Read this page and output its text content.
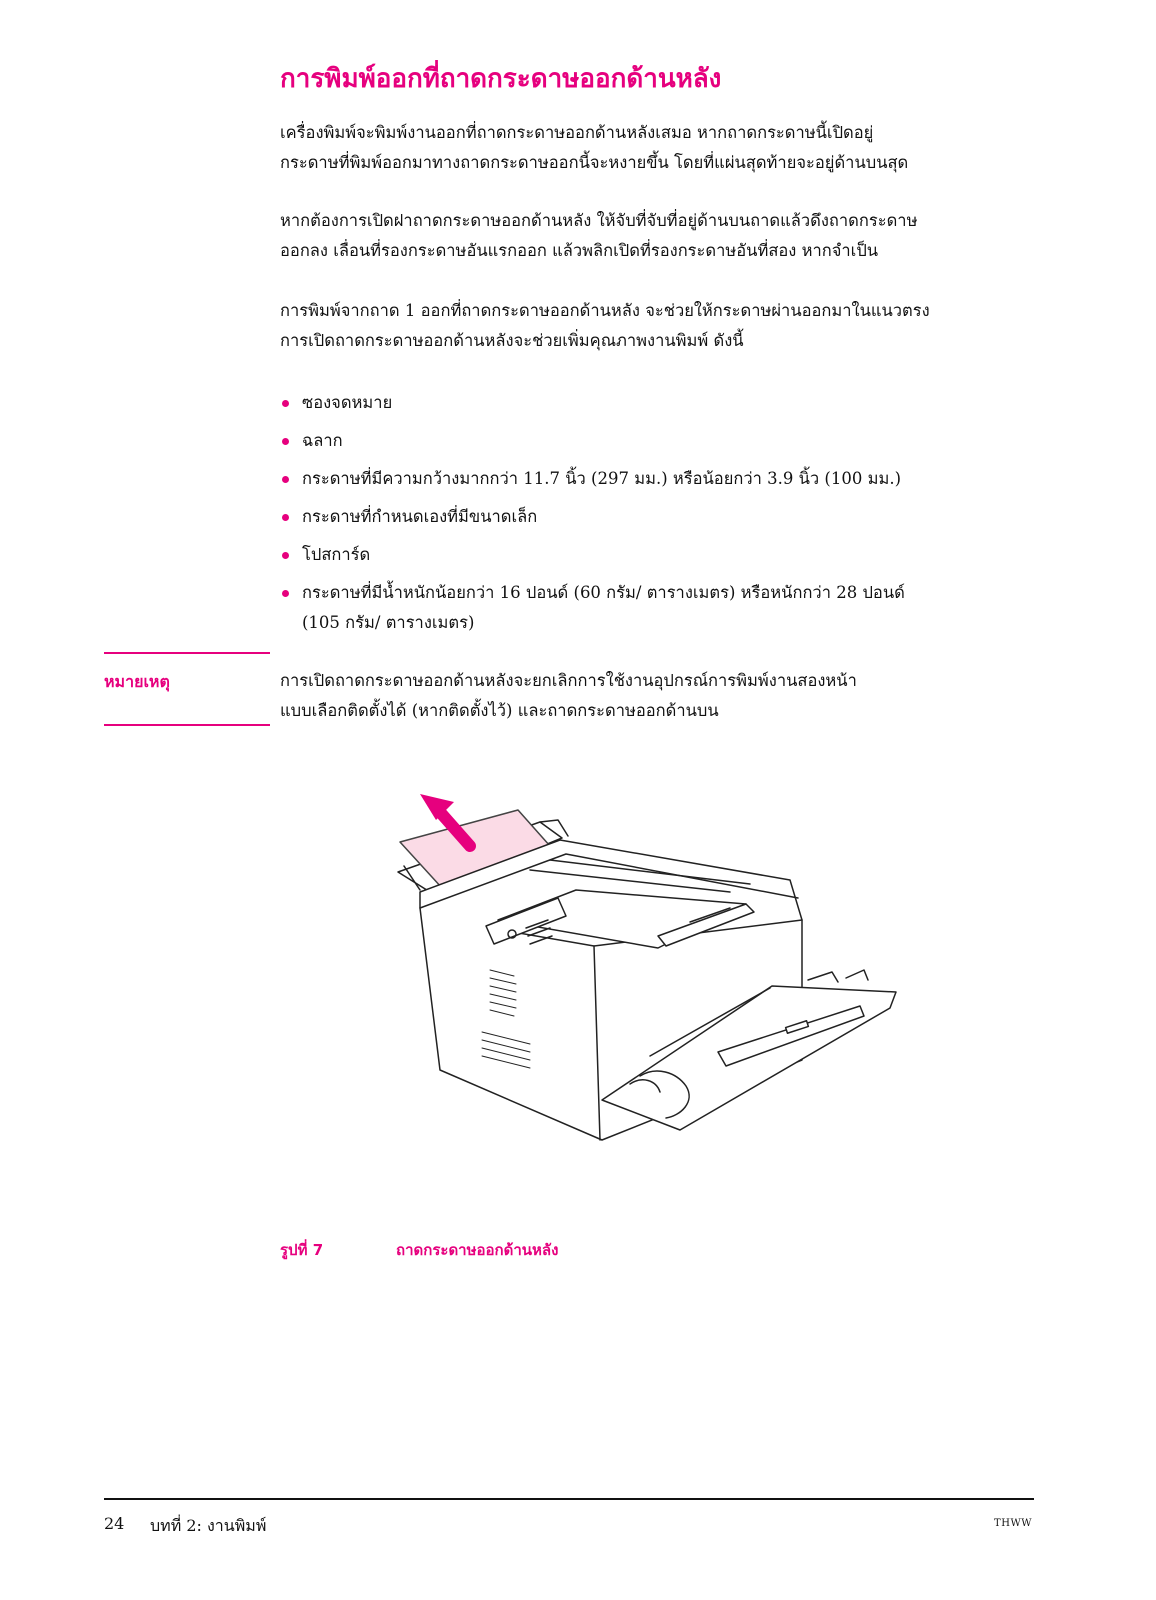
การพิมพ์ออกที่ถาดกระดาษออกด้านหลัง

เครื่องพิมพ์จะพิมพ์งานออกที่ถาดกระดาษออกด้านหลังเสมอ หากถาดกระดาษนี้เปิดอยู่
กระดาษที่พิมพ์ออกมาทางถาดกระดาษออกนี้จะหงายขึ้น โดยที่แผ่นสุดท้ายจะอยู่ด้านบนสุด

หากต้องการเปิดฝาถาดกระดาษออกด้านหลัง ให้จับที่จับที่อยู่ด้านบนถาดแล้วดึงถาดกระดาษ
ออกลง เลื่อนที่รองกระดาษอันแรกออก แล้วพลิกเปิดที่รองกระดาษอันที่สอง หากจำเป็น

การพิมพ์จากถาด 1 ออกที่ถาดกระดาษออกด้านหลัง จะช่วยให้กระดาษผ่านออกมาในแนวตรง
การเปิดถาดกระดาษออกด้านหลังจะช่วยเพิ่มคุณภาพงานพิมพ์ ดังนี้

ซองจดหมาย
ฉลาก
กระดาษที่มีความกว้างมากกว่า 11.7 นิ้ว (297 มม.) หรือน้อยกว่า 3.9 นิ้ว (100 มม.)
กระดาษที่กำหนดเองที่มีขนาดเล็ก
โปสการ์ด
กระดาษที่มีน้ำหนักน้อยกว่า 16 ปอนด์ (60 กรัม/ ตารางเมตร) หรือหนักกว่า 28 ปอนด์
(105 กรัม/ ตารางเมตร)
หมายเหตุ	การเปิดถาดกระดาษออกด้านหลังจะยกเลิกการใช้งานอุปกรณ์การพิมพ์งานสองหน้า
แบบเลือกติดตั้งได้ (หากติดตั้งไว้) และถาดกระดาษออกด้านบน

รูปที่ 7	ถาดกระดาษออกด้านหลัง
24 บทที่ 2: งานพิมพ์	THWW
